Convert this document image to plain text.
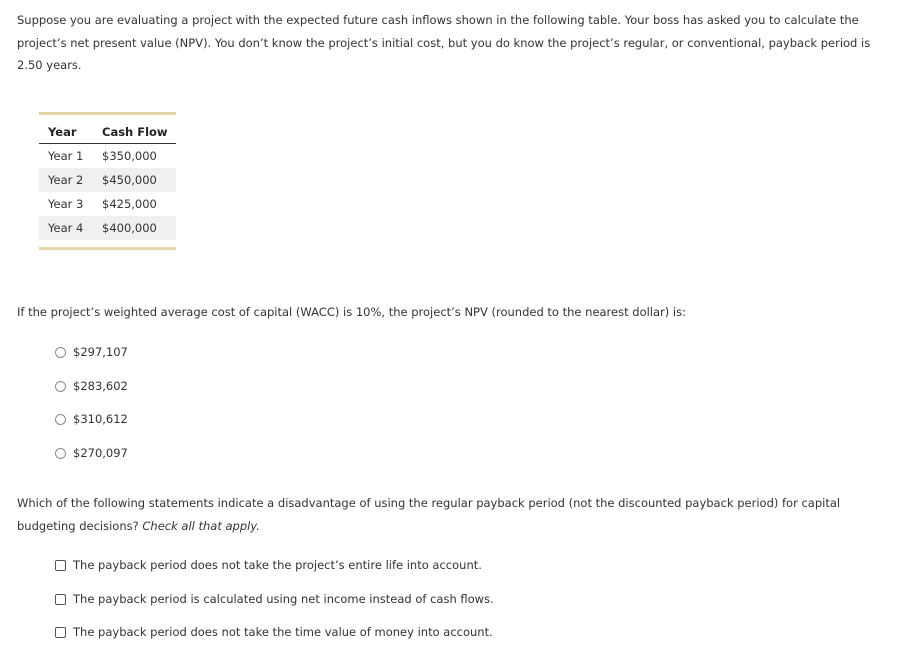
Suppose you are evaluating a project with the expected future cash inflows shown in the following table. Your boss has asked you to calculate the project’s net present value (NPV). You don’t know the project’s initial cost, but you do know the project’s regular, or conventional, payback period is 2.50 years.

Year	Cash Flow
Year 1	$350,000
Year 2	$450,000
Year 3	$425,000
Year 4	$400,000

If the project’s weighted average cost of capital (WACC) is 10%, the project’s NPV (rounded to the nearest dollar) is:

$297,107
$283,602
$310,612
$270,097

Which of the following statements indicate a disadvantage of using the regular payback period (not the discounted payback period) for capital budgeting decisions? Check all that apply.

The payback period does not take the project’s entire life into account.
The payback period is calculated using net income instead of cash flows.
The payback period does not take the time value of money into account.
